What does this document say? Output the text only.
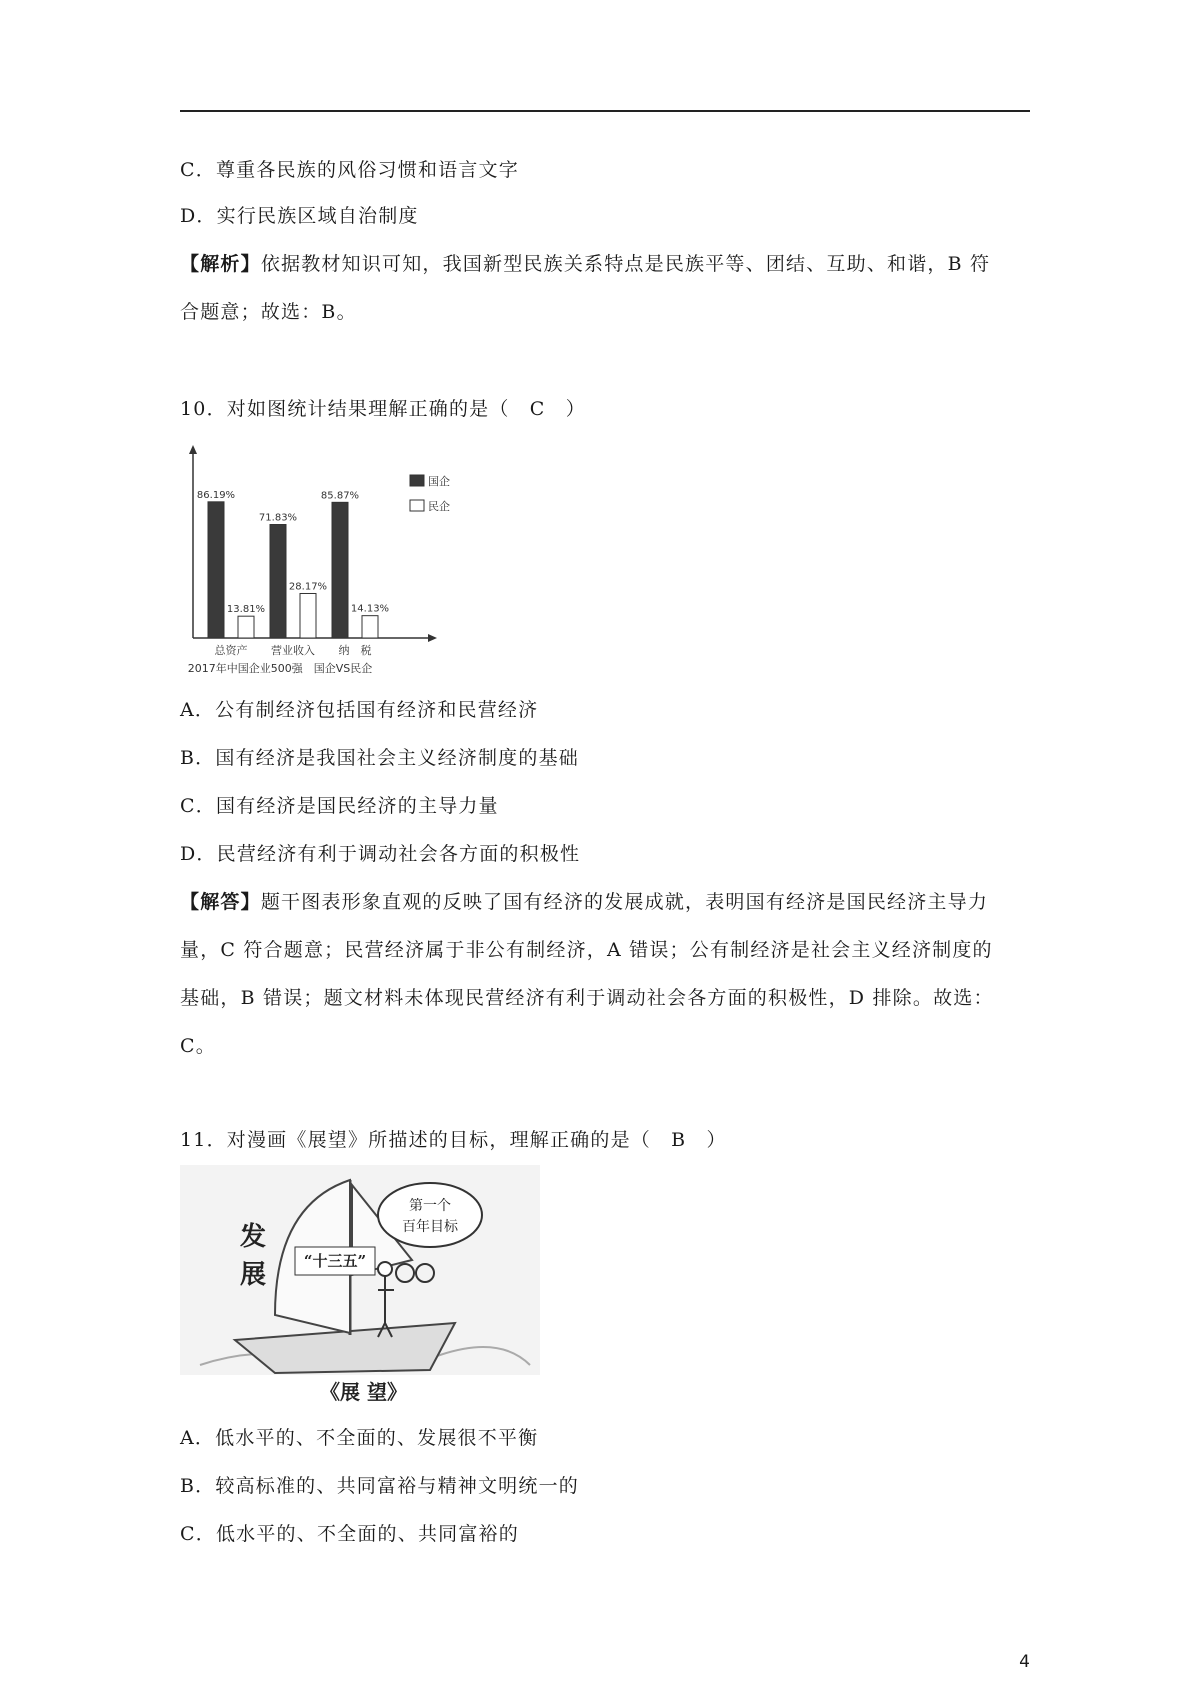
C．尊重各民族的风俗习惯和语言文字
D．实行民族区域自治制度
【解析】依据教材知识可知，我国新型民族关系特点是民族平等、团结、互助、和谐，B 符
合题意；故选：B。
10．对如图统计结果理解正确的是（　C　）
86.19%
13.81%
总资产
71.83%
28.17%
营业收入
85.87%
14.13%
纳　税
国企
民企
2017年中国企业500强　国企VS民企
A．公有制经济包括国有经济和民营经济
B．国有经济是我国社会主义经济制度的基础
C．国有经济是国民经济的主导力量
D．民营经济有利于调动社会各方面的积极性
【解答】题干图表形象直观的反映了国有经济的发展成就，表明国有经济是国民经济主导力
量，C 符合题意；民营经济属于非公有制经济，A 错误；公有制经济是社会主义经济制度的
基础，B 错误；题文材料未体现民营经济有利于调动社会各方面的积极性，D 排除。故选：
C。
11．对漫画《展望》所描述的目标，理解正确的是（　B　）
发
展	“十三五”
第一个
百年目标
《展 望》
A．低水平的、不全面的、发展很不平衡
B．较高标准的、共同富裕与精神文明统一的
C．低水平的、不全面的、共同富裕的
4
